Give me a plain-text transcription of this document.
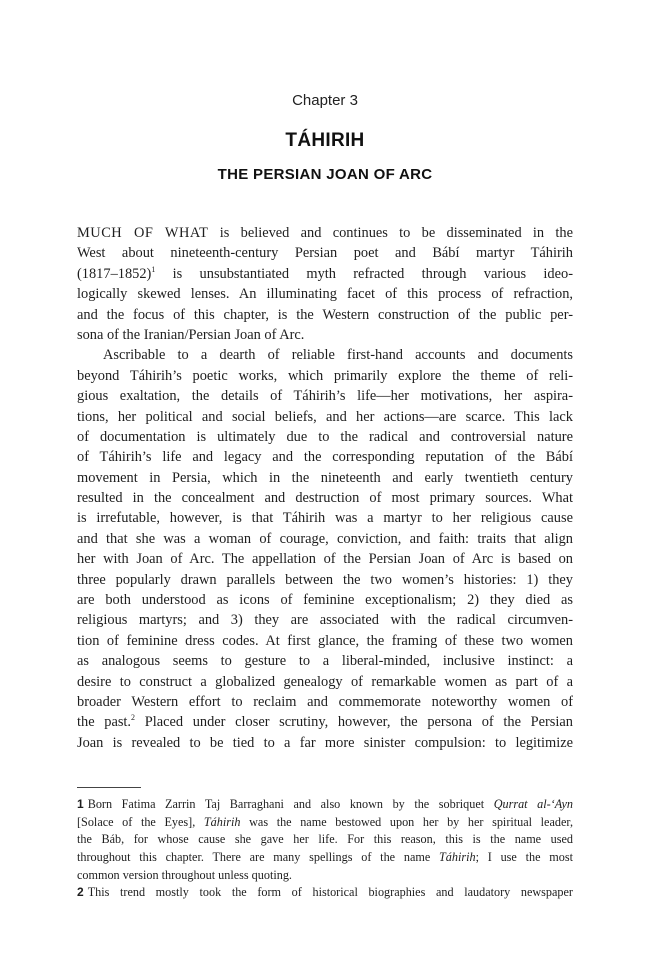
Chapter 3
TÁHIRIH
THE PERSIAN JOAN OF ARC
MUCH OF WHAT is believed and continues to be disseminated in the
West about nineteenth-century Persian poet and Bábí martyr Táhirih
(1817–1852)$^1$ is unsubstantiated myth refracted through various ideo-
logically skewed lenses. An illuminating facet of this process of refraction,
and the focus of this chapter, is the Western construction of the public per-
sona of the Iranian/Persian Joan of Arc.
Ascribable to a dearth of reliable first-hand accounts and documents
beyond Táhirih’s poetic works, which primarily explore the theme of reli-
gious exaltation, the details of Táhirih’s life—her motivations, her aspira-
tions, her political and social beliefs, and her actions—are scarce. This lack
of documentation is ultimately due to the radical and controversial nature
of Táhirih’s life and legacy and the corresponding reputation of the Bábí
movement in Persia, which in the nineteenth and early twentieth century
resulted in the concealment and destruction of most primary sources. What
is irrefutable, however, is that Táhirih was a martyr to her religious cause
and that she was a woman of courage, conviction, and faith: traits that align
her with Joan of Arc. The appellation of the Persian Joan of Arc is based on
three popularly drawn parallels between the two women’s histories: 1) they
are both understood as icons of feminine exceptionalism; 2) they died as
religious martyrs; and 3) they are associated with the radical circumven-
tion of feminine dress codes. At first glance, the framing of these two women
as analogous seems to gesture to a liberal-minded, inclusive instinct: a
desire to construct a globalized genealogy of remarkable women as part of a
broader Western effort to reclaim and commemorate noteworthy women of
the past.$^2$ Placed under closer scrutiny, however, the persona of the Persian
Joan is revealed to be tied to a far more sinister compulsion: to legitimize
1 Born Fatima Zarrin Taj Barraghani and also known by the sobriquet Qurrat al-‘Ayn
[Solace of the Eyes], Táhirih was the name bestowed upon her by her spiritual leader,
the Báb, for whose cause she gave her life. For this reason, this is the name used
throughout this chapter. There are many spellings of the name Táhirih; I use the most
common version throughout unless quoting.
2 This trend mostly took the form of historical biographies and laudatory newspaper
